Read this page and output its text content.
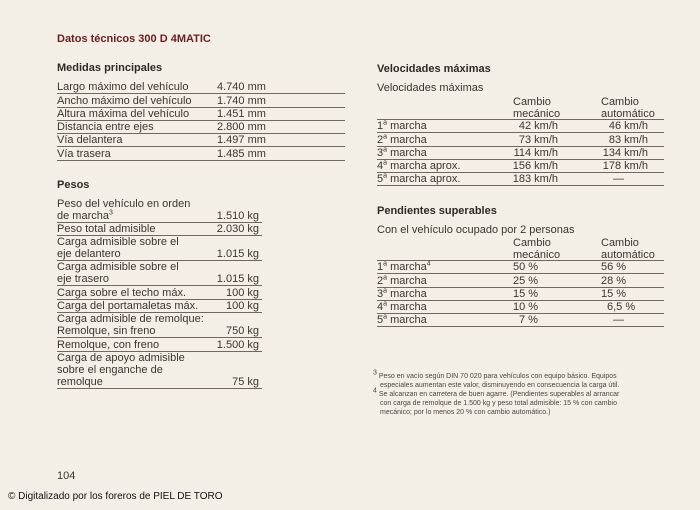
Datos técnicos 300 D 4MATIC
Medidas principales
Largo máximo del vehículo	4.740 mm
Ancho máximo del vehículo 1.740 mm
Altura máxima del vehículo	1.451 mm
Distancia entre ejes	2.800 mm
Vía delantera	1.497 mm
Vía trasera	1.485 mm
Pesos
Peso del vehículo en orden
de marcha$^3$	1.510 kg
Peso total admisible	2.030 kg
Carga admisible sobre el
eje delantero	1.015 kg
Carga admisible sobre el
eje trasero	1.015 kg
Carga sobre el techo máx.	100 kg
Carga del portamaletas máx.	100 kg
Carga admisible de remolque:
Remolque, sin freno	750 kg
Remolque, con freno	1.500 kg
Carga de apoyo admisible
sobre el enganche de
remolque	75 kg
Velocidades máximas
Velocidades máximas
Cambio
mecánico
Cambio
automático
1$^a$ marcha	42 km/h	46 km/h
2$^a$ marcha	73 km/h	83 km/h
3$^a$ marcha	114 km/h	134 km/h
4$^a$ marcha aprox.	156 km/h	178 km/h
5$^a$ marcha aprox.	183 km/h	—
Pendientes superables
Con el vehículo ocupado por 2 personas
Cambio
mecánico
Cambio
automático
1$^a$ marcha$^4$	50 %	56 %
2$^a$ marcha	25 %	28 %
3$^a$ marcha	15 %	15 %
4$^a$ marcha	10 %	6,5 %
5$^a$ marcha	7 %	—
$^3$ Peso en vacío según DIN 70 020 para vehículos con equipo básico. Equipos
especiales aumentan este valor, disminuyendo en consecuencia la carga útil.
$^4$ Se alcanzan en carretera de buen agarre. (Pendientes superables al arrancar
con carga de remolque de 1.500 kg y peso total admisible: 15 % con cambio
mecánico; por lo menos 20 % con cambio automático.)
104
© Digitalizado por los foreros de PIEL DE TORO
